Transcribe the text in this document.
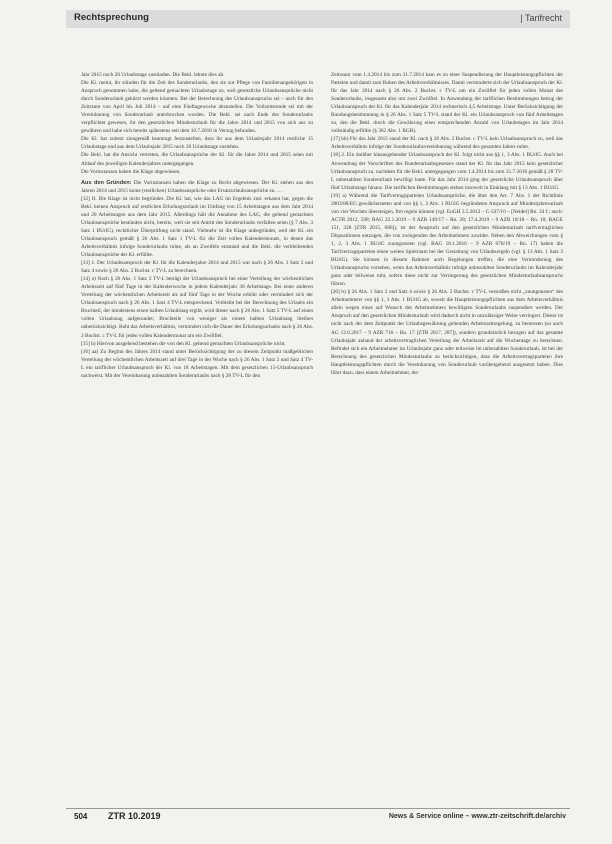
Rechtsprechung	| Tarifrecht

Jahr 2015 noch 20 Urlaubstage zustünden. Die Bekl. lehnte dies ab.

Die Kl. meint, ihr stünden für die Zeit des Sonderurlaubs, den sie zur Pflege von Familienangehörigen in Anspruch genommen habe, die geltend gemachten Urlaubstage zu, weil gesetzliche Urlaubsansprüche nicht durch Sonderurlaub gekürzt werden könnten. Bei der Berechnung des Urlaubsanspruchs sei – auch für den Zeitraum von April bis Juli 2014 – auf eine Fünftagewoche abzustellen. Die Vollzeitstunde sei mit der Vereinbarung von Sonderurlaub unterbrochen worden. Die Bekl. sei nach Ende des Sonderurlaubs verpflichtet gewesen, ihr den gesetzlichen Mindesturlaub für die Jahre 2014 und 2015 von sich aus zu gewähren und habe sich bereits spätestens seit dem 10.7.2016 in Verzug befunden.

Die Kl. hat zuletzt sinngemäß beantragt festzustellen, dass ihr aus dem Urlaubsjahr 2014 restliche 15 Urlaubstage und aus dem Urlaubsjahr 2015 noch 20 Urlaubstage zustehen.

Die Bekl. hat die Ansicht vertreten, die Urlaubsansprüche der Kl. für die Jahre 2014 und 2015 seien mit Ablauf des jeweiligen Kalenderjahres untergegangen.

Die Vorinstanzen haben die Klage abgewiesen.

Aus den Gründen: Die Vorinstanzen haben die Klage zu Recht abgewiesen. Der Kl. stehen aus den Jahren 2014 und 2015 keine (restlichen) Urlaubsansprüche oder Ersatzurlaubsansprüche zu. …

[12] II. Die Klage ist nicht begründet. Die Kl. hat, wie das LAG im Ergebnis zutr. erkannt hat, gegen die Bekl. keinen Anspruch auf restlichen Erholungsurlaub im Umfang von 15 Arbeitstagen aus dem Jahr 2014 und 20 Arbeitstagen aus dem Jahr 2015. Allerdings hält die Annahme des LAG, die geltend gemachten Urlaubsansprüche bestünden nicht, bereits, weil sie seit Antritt des Sonderurlaubs verfallen seien (§ 7 Abs. 3 Satz 1 BUrlG), rechtlicher Überprüfung nicht stand. Vielmehr ist die Klage unbegründet, weil der Kl. ein Urlaubsanspruch gemäß § 26 Abs. 1 Satz 1 TV-L für die Zeit vollen Kalendermonats, in denen das Arbeitsverhältnis infolge Sonderurlaubs ruhte, als an Zweifeln entstand und die Bekl. die verbleibenden Urlaubsansprüche der Kl. erfüllte.

[13] 1. Der Urlaubsanspruch der Kl. für die Kalenderjahre 2014 und 2015 war nach § 26 Abs. 1 Satz 2 und Satz 4 sowie § 26 Abs. 2 Buchst. c TV-L zu berechnen.

[14] a) Nach § 26 Abs. 1 Satz 2 TV-L beträgt der Urlaubsanspruch bei einer Verteilung der wöchentlichen Arbeitszeit auf fünf Tage in der Kalenderwoche in jedem Kalenderjahr 30 Arbeitstage. Bei einer anderen Verteilung der wöchentlichen Arbeitszeit als auf fünf Tage in der Woche erhöht oder vermindert sich der Urlaubsanspruch nach § 26 Abs. 1 Satz 4 TV-L entsprechend. Verbleibt bei der Berechnung des Urlaubs ein Bruchteil, der mindestens einen halben Urlaubstag ergibt, wird dieser nach § 26 Abs. 1 Satz 5 TV-L auf einen vollen Urlaubstag aufgerundet; Bruchteile von weniger als einem halben Urlaubstag bleiben unberücksichtigt. Ruht das Arbeitsverhältnis, vermindert sich die Dauer des Erholungsurlaubs nach § 26 Abs. 2 Buchst. c TV-L für jeden vollen Kalendermonat um ein Zwölftel.

[15] b) Hiervon ausgehend bestehen die von den Kl. geltend gemachten Urlaubsansprüche nicht.

[16] aa) Zu Beginn des Jahres 2014 stand unter Berücksichtigung der zu diesem Zeitpunkt maßgeblichen Verteilung der wöchentlichen Arbeitszeit auf drei Tage in der Woche nach § 26 Abs. 1 Satz 2 und Satz 4 TV-L ein tariflicher Urlaubsanspruch der Kl. von 18 Arbeitstagen. Mit dem gesetzlichen 15-Urlaubsanspruch nachweist. Mit der Vereinbarung unbezahlten Sonderurlaubs nach § 28 TV-L für den

Zeitraum vom 1.4.2014 bis zum 31.7.2014 kam es zu einer Suspendierung der Hauptleistungspflichten der Parteien und damit zum Ruhen des Arbeitsverhältnisses. Damit verminderte sich der Urlaubsanspruch der Kl. für das Jahr 2014 nach § 26 Abs. 2 Buchst. c TV-L um ein Zwölftel für jeden vollen Monat des Sonderurlaubs, insgesamt also um zwei Zwölftel. In Anwendung der tariflichen Bestimmungen betrug der Urlaubsanspruch der Kl. für das Kalenderjahr 2014 rechnerisch 4,5 Arbeitstage. Unter Berücksichtigung der Rundungsbestimmung in § 26 Abs. 1 Satz 5 TV-L stand der Kl. ein Urlaubsanspruch von fünf Arbeitstagen zu, den die Bekl. durch die Gewährung einer entsprechenden Anzahl von Urlaubstagen im Jahr 2014 vollständig erfüllte (§ 362 Abs. 1 BGB).

[17] bb) Für das Jahr 2015 stand der Kl. nach § 26 Abs. 2 Buchst. c TV-L kein Urlaubsanspruch zu, weil das Arbeitsverhältnis infolge der Sonderurlaubsvereinbarung während des gesamten Jahres ruhte.

[18] 2. Ein darüber hinausgehender Urlaubsanspruch der Kl. folgt nicht aus §§ 1, 3 Abs. 1 BUrlG. Auch bei Anwendung der Vorschriften des Bundesurlaubsgesetzes stand der Kl. für das Jahr 2015 kein gesetzlicher Urlaubsanspruch zu, nachdem für die Bekl. untergegangen vom 1.4.2014 bis zum 31.7.2016 gemäß § 28 TV-L unbezahlten Sonderurlaub bewilligt hatte. Für das Jahr 2014 ging der gesetzliche Urlaubsanspruch über fünf Urlaubstage hinaus. Die tariflichen Bestimmungen stehen insoweit in Einklang mit § 13 Abs. 1 BUrlG.

[19] a) Während die Tarifvertragsparteien Urlaubsansprüche, die über den Art. 7 Abs. 1 der Richtlinie 2003/88/EG gewährleisteten und von §§ 1, 3 Abs. 1 BUrlG begründeten Anspruch auf Mindestjahresurlaub von vier Wochen übersteigen, frei regeln können (vgl. EuGH 3.5.2012 – C-337/10 – [Neidel] Rn. 34 f.; auch: ACTR 2012, 598; BAG 22.1.2019 – 9 AZR 149/17 – Rn. 28; 17.4.2019 – 9 AZR 10/18 – Rn. 10; BAGE 151, 328 [ZTR 2015, 686]), ist der Anspruch auf den gesetzlichen Mindesturlaub tarifvertraglichen Dispositionen entzogen, die von zwingenden des Arbeitnehmers zuwider. Neben den Abweichungen vom § 1, 2, 3 Abs. 1 BUrlG zuungunsten (vgl. BAG 18.1.2016 – 9 AZR 678/19 – Rn. 17) haben die Tarifvertragsparteien einen weiten Spielraum bei der Gestaltung von Urlaubsregeln (vgl. § 13 Abs. 1 Satz 3 BUrlG). Sie können in diesem Rahmen auch Regelungen treffen, die eine Verminderung des Urlaubsanspruchs vorsehen, wenn das Arbeitsverhältnis infolge unbezahlten Sonderurlaubs im Kalenderjahr ganz oder teilweise ruht, sofern diese nicht zur Verringerung des gesetzlichen Mindesturlaubsanspruchs führen.

[20] b) § 26 Abs. 1 Satz 2 und Satz 4 sowie § 26 Abs. 2 Buchst. c TV-L verstoßen nicht „zuungunsten“ des Arbeitnehmers von §§ 1, 3 Abs. 1 BUrlG ab, soweit die Hauptleistungspflichten aus dem Arbeitsverhältnis allein wegen eines auf Wunsch des Arbeitnehmers bewilligten Sonderurlaubs suspendiert werden. Der Anspruch auf den gesetzlichen Mindesturlaub wird dadurch nicht in unzulässiger Weise verringert. Dieser ist nicht nach der dem Zeitpunkt der Urlaubsgewährung geltenden Arbeitszeitregelung, zu bemessen (so auch AG 12.6.2017 – 9 AZR 716 – Rn. 17 [ZTR 2017, 287]), sondern grundsätzlich bezogen auf das gesamte Urlaubsjahr anhand der arbeitsvertraglichen Verteilung der Arbeitszeit auf die Wochentage zu berechnen. Befindet sich ein Arbeitnehmer im Urlaubsjahr ganz oder teilweise im unbezahlten Sonderurlaub, ist bei der Berechnung des gesetzlichen Mindesturlaubs zu berücksichtigen, dass die Arbeitsvertragsparteien ihre Hauptleistungspflichten durch die Vereinbarung von Sonderurlaub vorübergehend ausgesetzt haben. Dies führt dazu, dass einem Arbeitnehmer, der

504 ZTR 10.2019	News & Service online – www.ztr-zeitschrift.de/archiv
